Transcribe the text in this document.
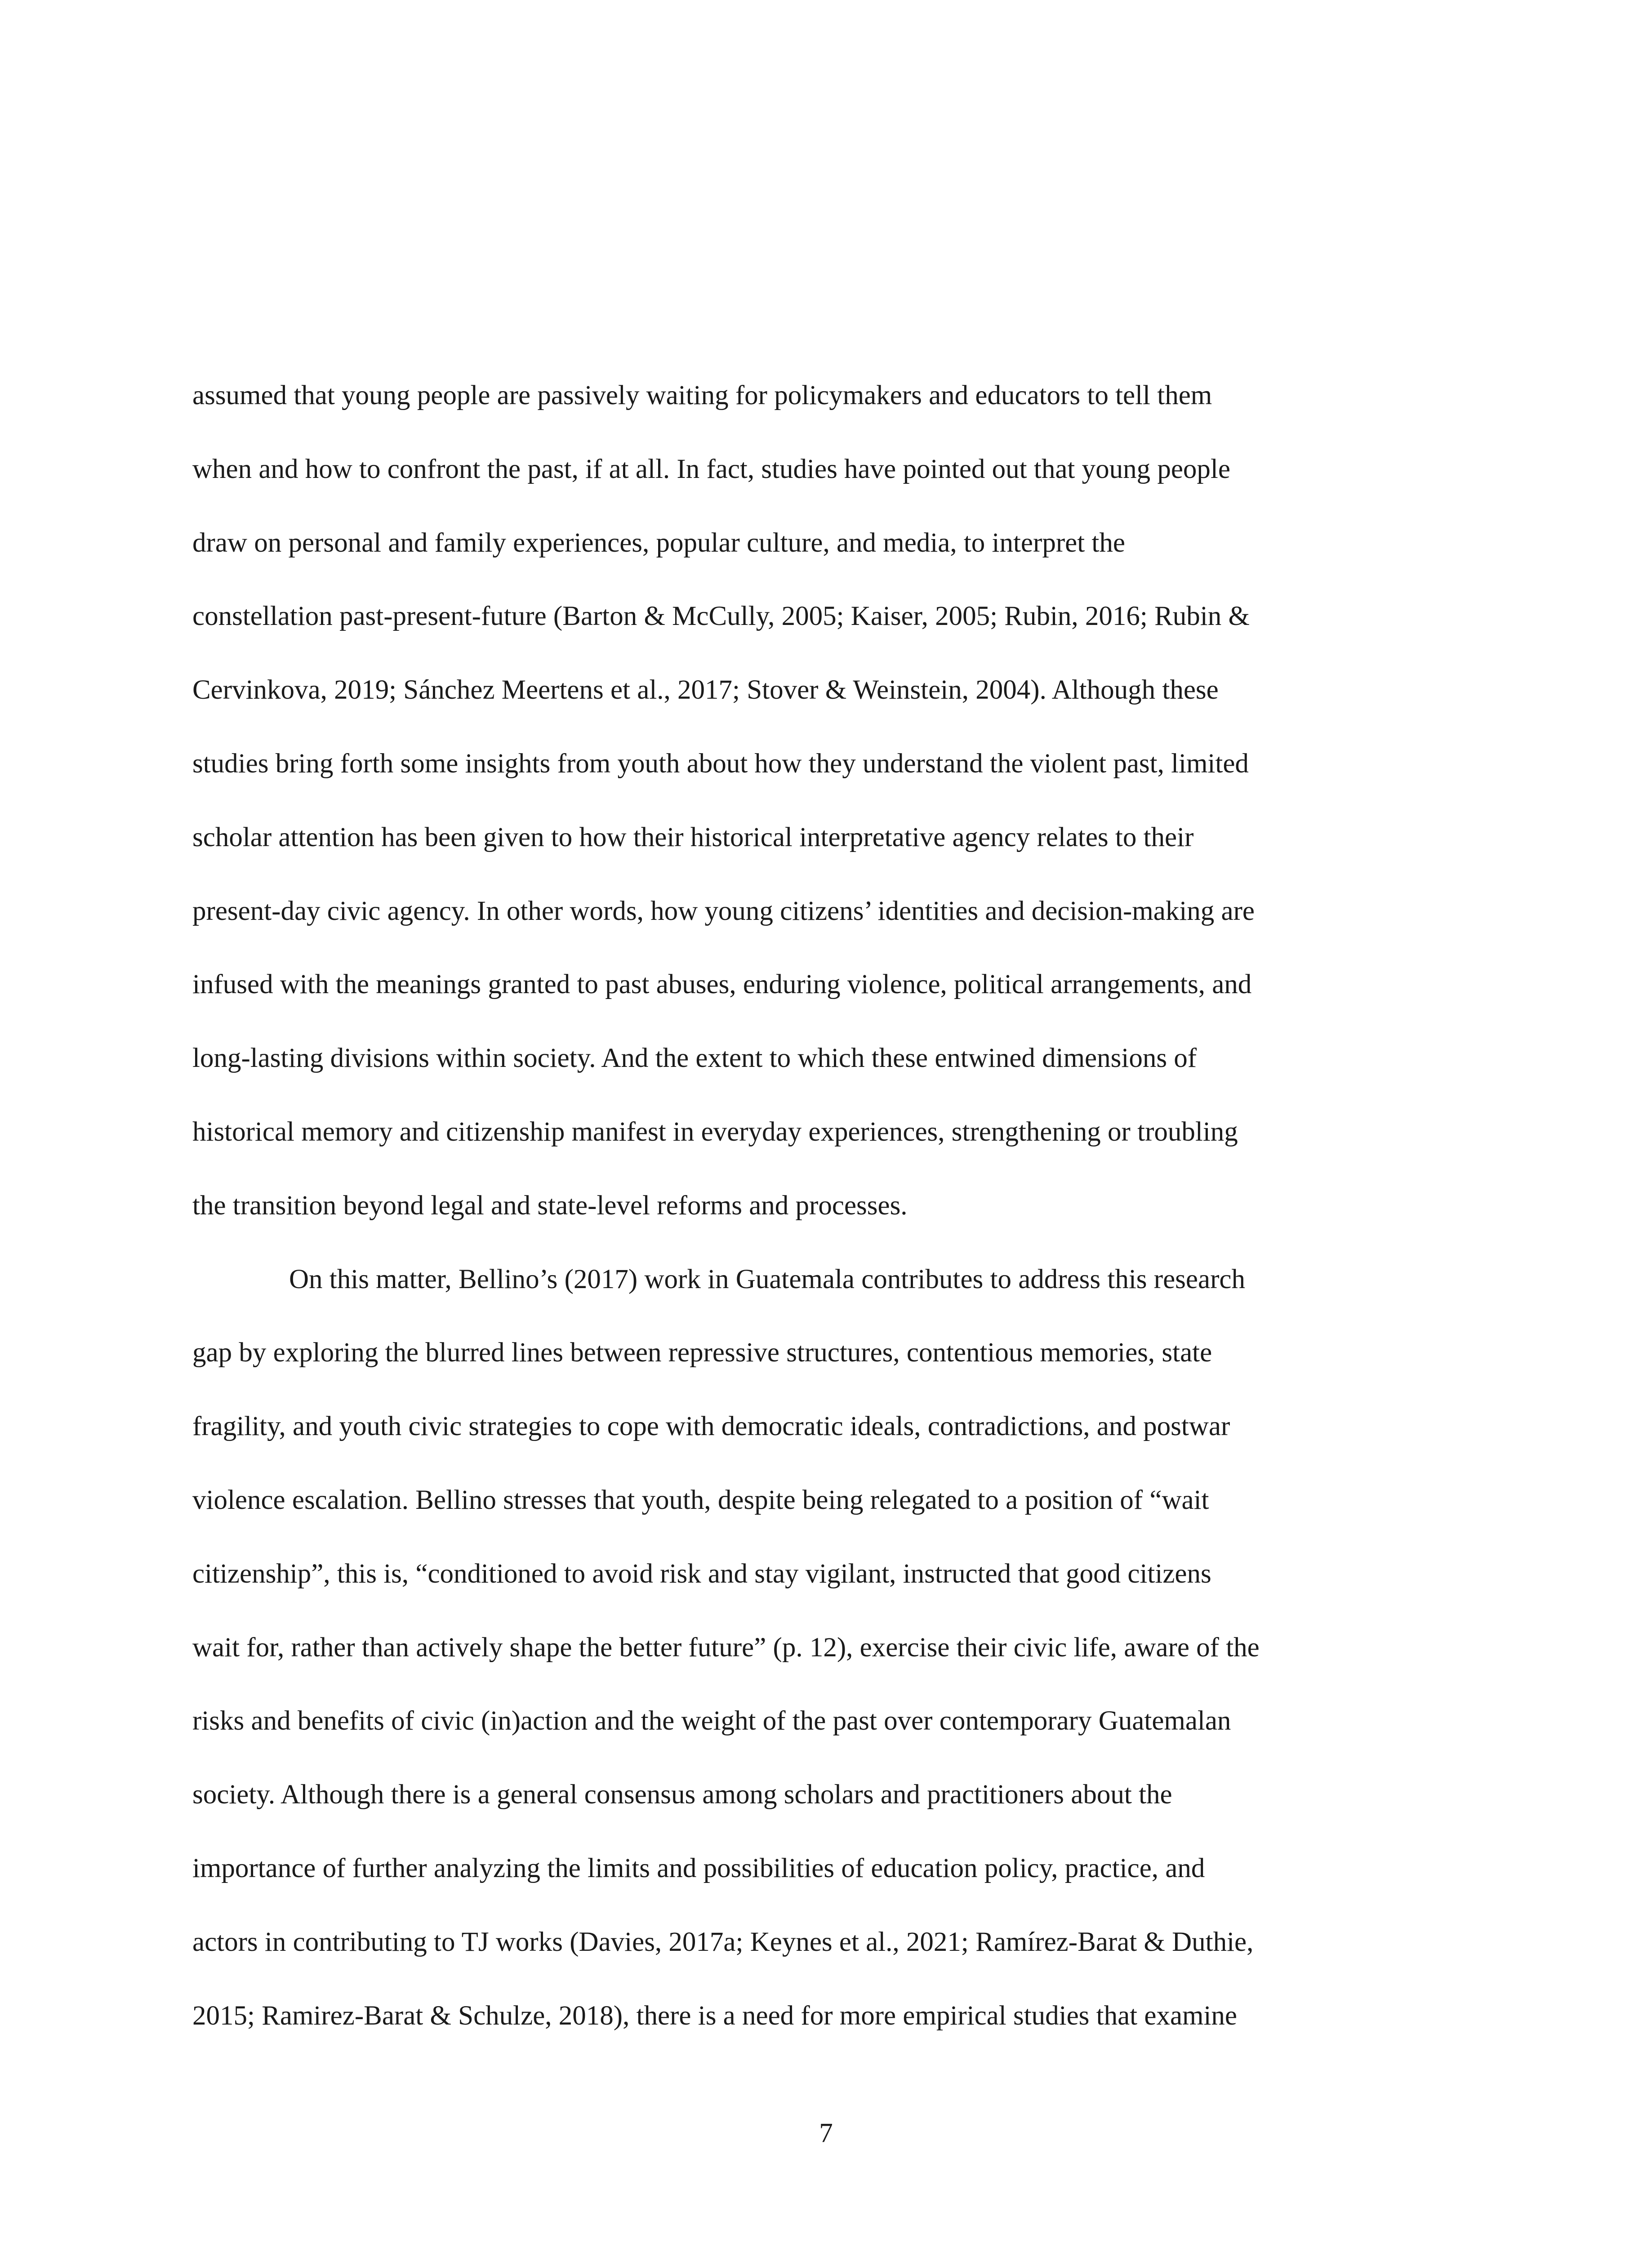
assumed that young people are passively waiting for policymakers and educators to tell them
when and how to confront the past, if at all. In fact, studies have pointed out that young people
draw on personal and family experiences, popular culture, and media, to interpret the
constellation past-present-future (Barton & McCully, 2005; Kaiser, 2005; Rubin, 2016; Rubin &
Cervinkova, 2019; Sánchez Meertens et al., 2017; Stover & Weinstein, 2004). Although these
studies bring forth some insights from youth about how they understand the violent past, limited
scholar attention has been given to how their historical interpretative agency relates to their
present-day civic agency. In other words, how young citizens’ identities and decision-making are
infused with the meanings granted to past abuses, enduring violence, political arrangements, and
long-lasting divisions within society. And the extent to which these entwined dimensions of
historical memory and citizenship manifest in everyday experiences, strengthening or troubling
the transition beyond legal and state-level reforms and processes.
On this matter, Bellino’s (2017) work in Guatemala contributes to address this research
gap by exploring the blurred lines between repressive structures, contentious memories, state
fragility, and youth civic strategies to cope with democratic ideals, contradictions, and postwar
violence escalation. Bellino stresses that youth, despite being relegated to a position of “wait
citizenship”, this is, “conditioned to avoid risk and stay vigilant, instructed that good citizens
wait for, rather than actively shape the better future” (p. 12), exercise their civic life, aware of the
risks and benefits of civic (in)action and the weight of the past over contemporary Guatemalan
society. Although there is a general consensus among scholars and practitioners about the
importance of further analyzing the limits and possibilities of education policy, practice, and
actors in contributing to TJ works (Davies, 2017a; Keynes et al., 2021; Ramírez-Barat & Duthie,
2015; Ramirez-Barat & Schulze, 2018), there is a need for more empirical studies that examine
7
